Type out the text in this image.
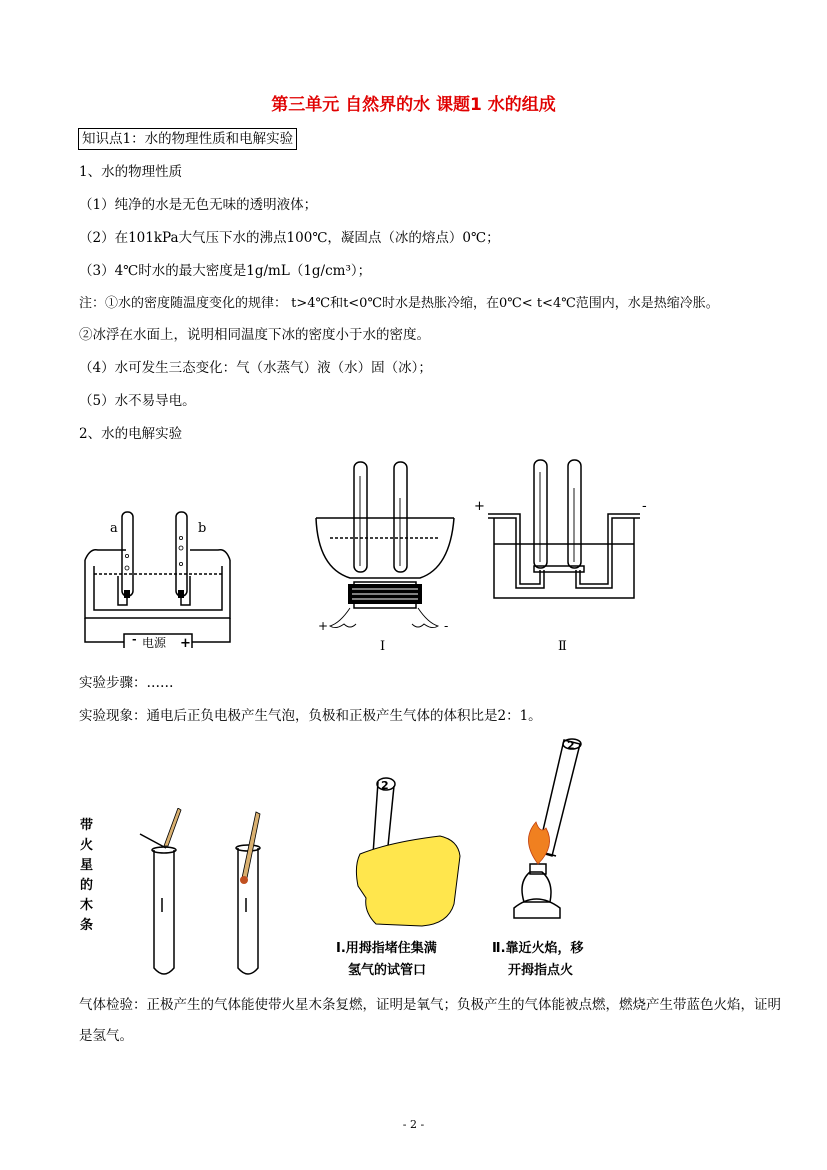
第三单元 自然界的水 课题1 水的组成
知识点1：水的物理性质和电解实验
1、水的物理性质
（1）纯净的水是无色无味的透明液体；
（2）在101kPa大气压下水的沸点100℃，凝固点（冰的熔点）0℃；
（3）4℃时水的最大密度是1g/mL（1g/cm³）；
注：①水的密度随温度变化的规律： t>4℃和t<0℃时水是热胀冷缩，在0℃< t<4℃范围内，水是热缩冷胀。
②冰浮在水面上，说明相同温度下冰的密度小于水的密度。
（4）水可发生三态变化：气（水蒸气）液（水）固（冰）；
（5）水不易导电。
2、水的电解实验
a	b
- 电源 +
+	-
I
+	-
Ⅱ
实验步骤：……
实验现象：通电后正负电极产生气泡，负极和正极产生气体的体积比是2：1。
带火星
的木条
2
Ⅰ.用拇指堵住集满
氢气的试管口
2
Ⅱ.靠近火焰，移
开拇指点火
气体检验：正极产生的气体能使带火星木条复燃，证明是氧气；负极产生的气体能被点燃，燃烧产生带蓝色火焰，证明是氢气。
- 2 -
